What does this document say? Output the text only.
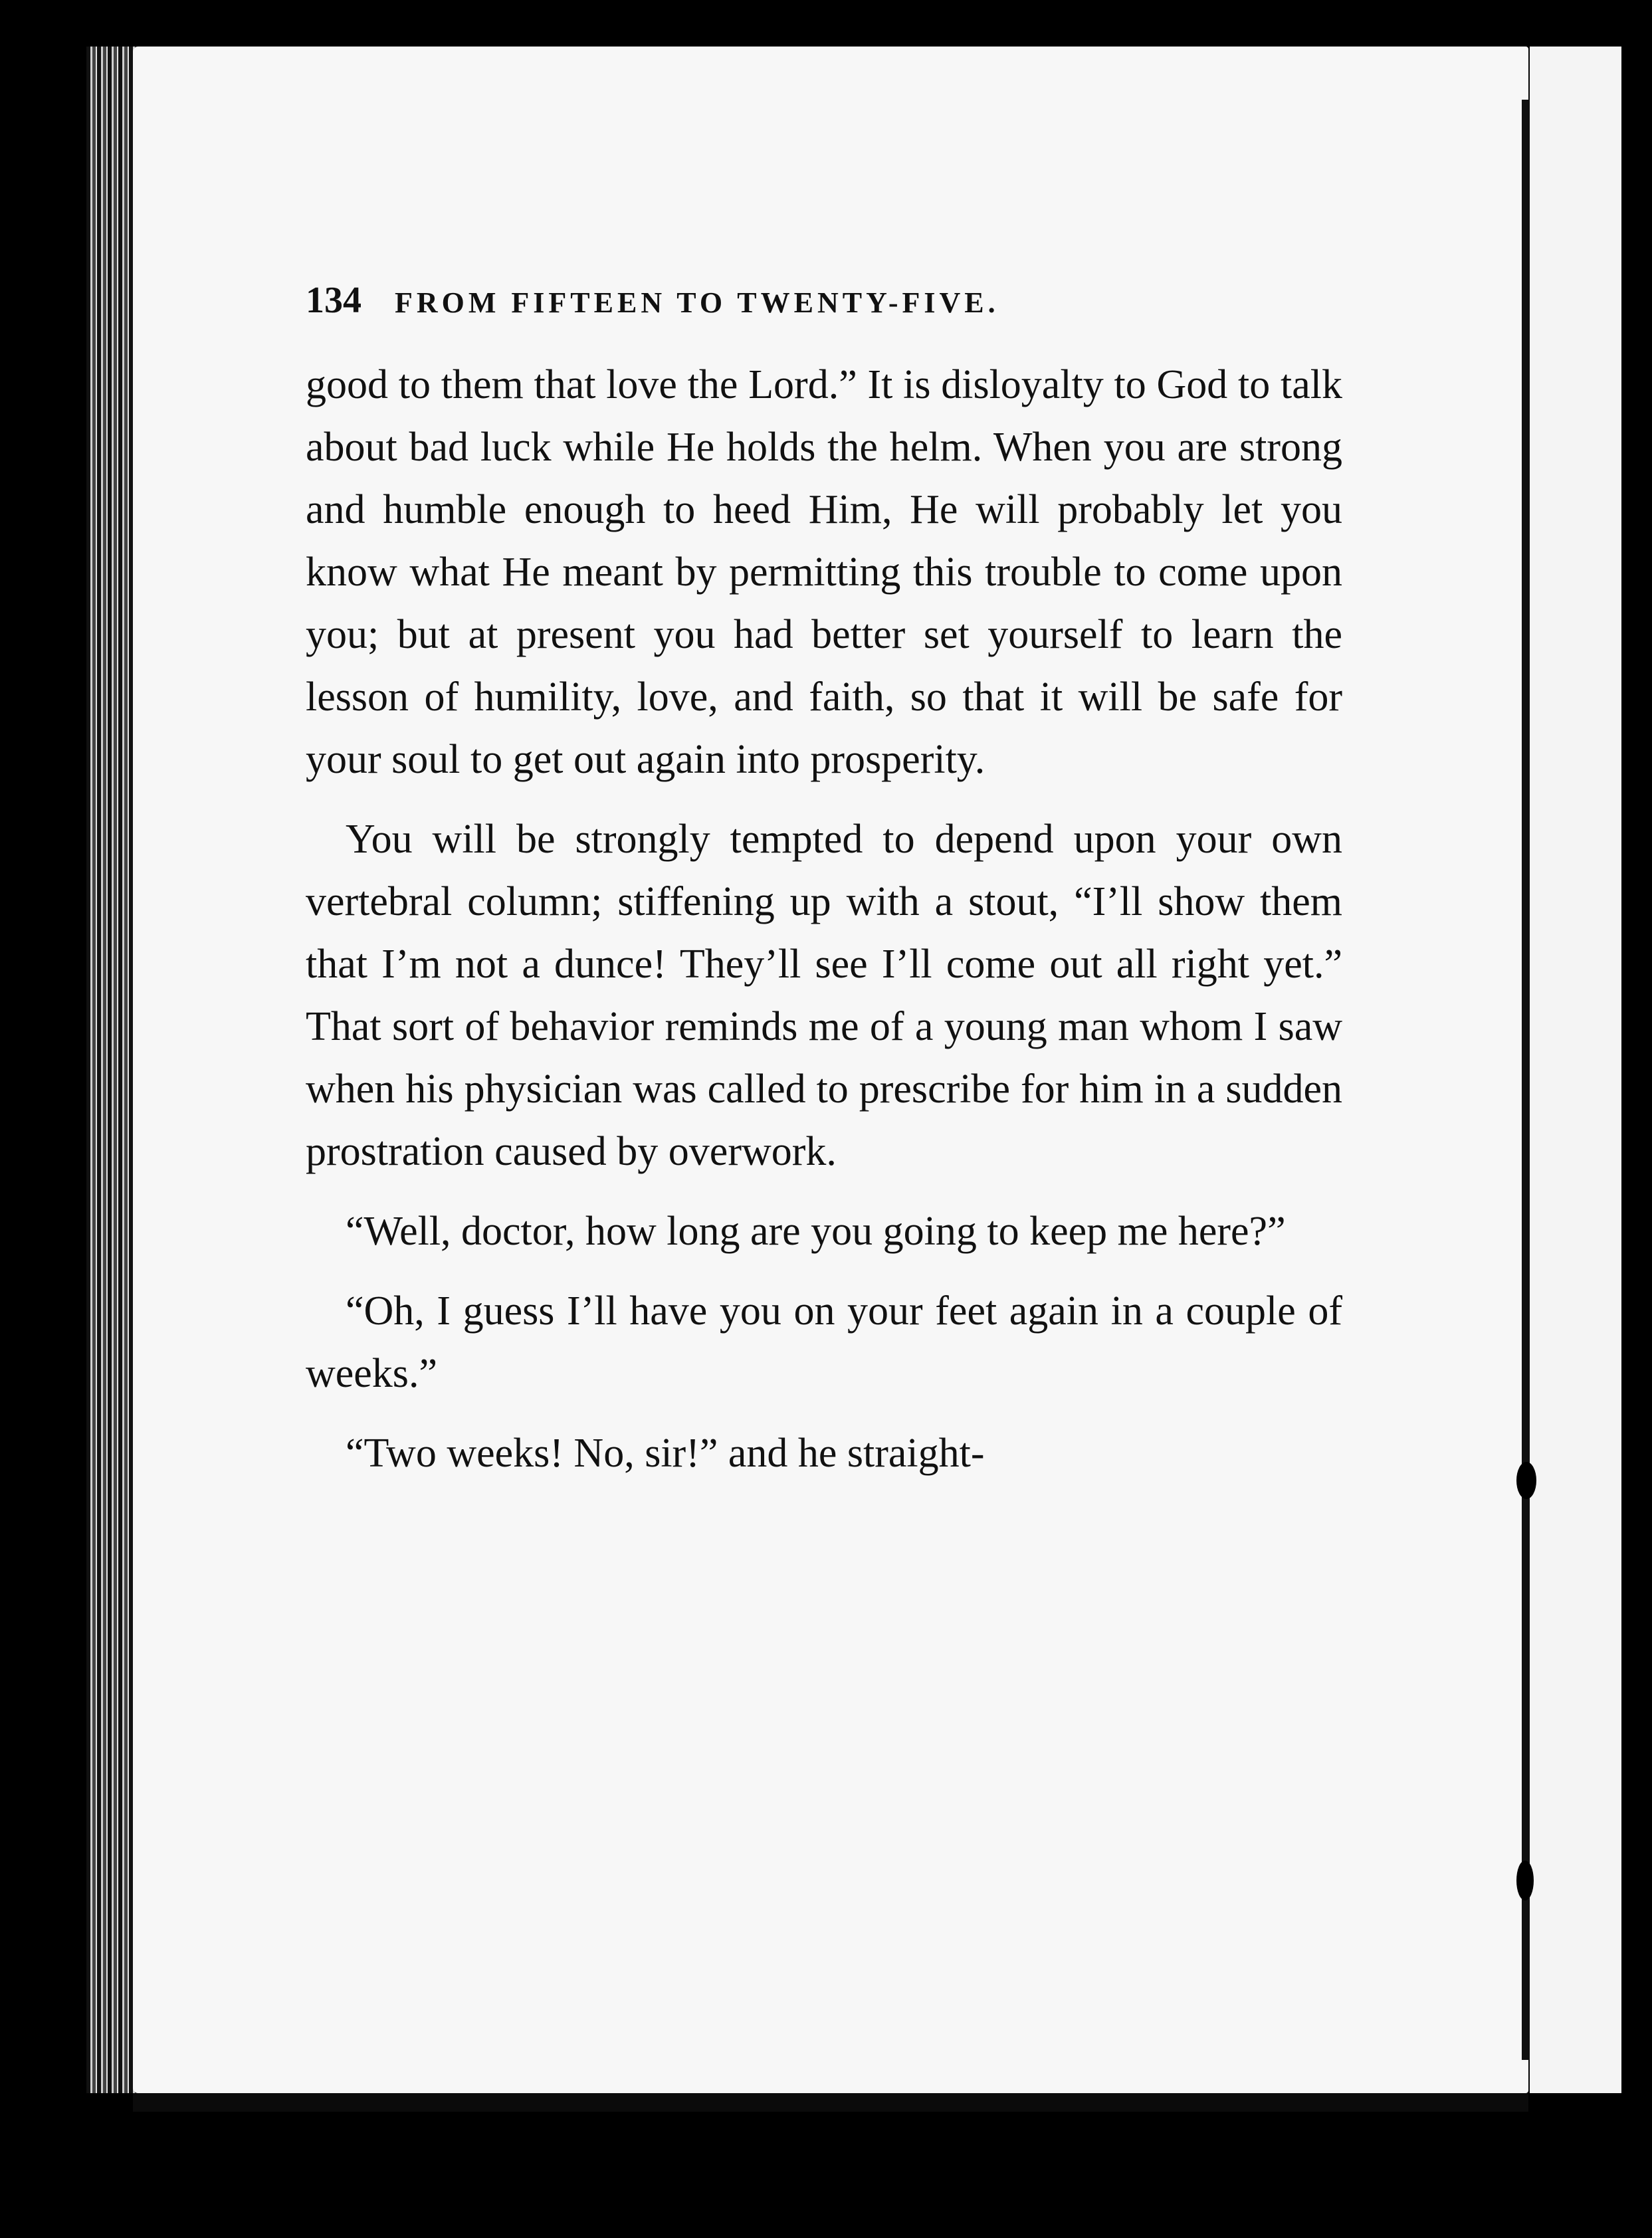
134 FROM FIFTEEN TO TWENTY-FIVE.

good to them that love the Lord.” It is disloyalty to God to talk about bad luck while He holds the helm. When you are strong and humble enough to heed Him, He will probably let you know what He meant by permitting this trouble to come upon you; but at present you had better set yourself to learn the lesson of humility, love, and faith, so that it will be safe for your soul to get out again into prosperity.

You will be strongly tempted to depend upon your own vertebral column; stiffening up with a stout, “I’ll show them that I’m not a dunce! They’ll see I’ll come out all right yet.” That sort of behavior reminds me of a young man whom I saw when his physician was called to prescribe for him in a sudden prostration caused by overwork.

“Well, doctor, how long are you going to keep me here?”

“Oh, I guess I’ll have you on your feet again in a couple of weeks.”

“Two weeks! No, sir!” and he straight-
